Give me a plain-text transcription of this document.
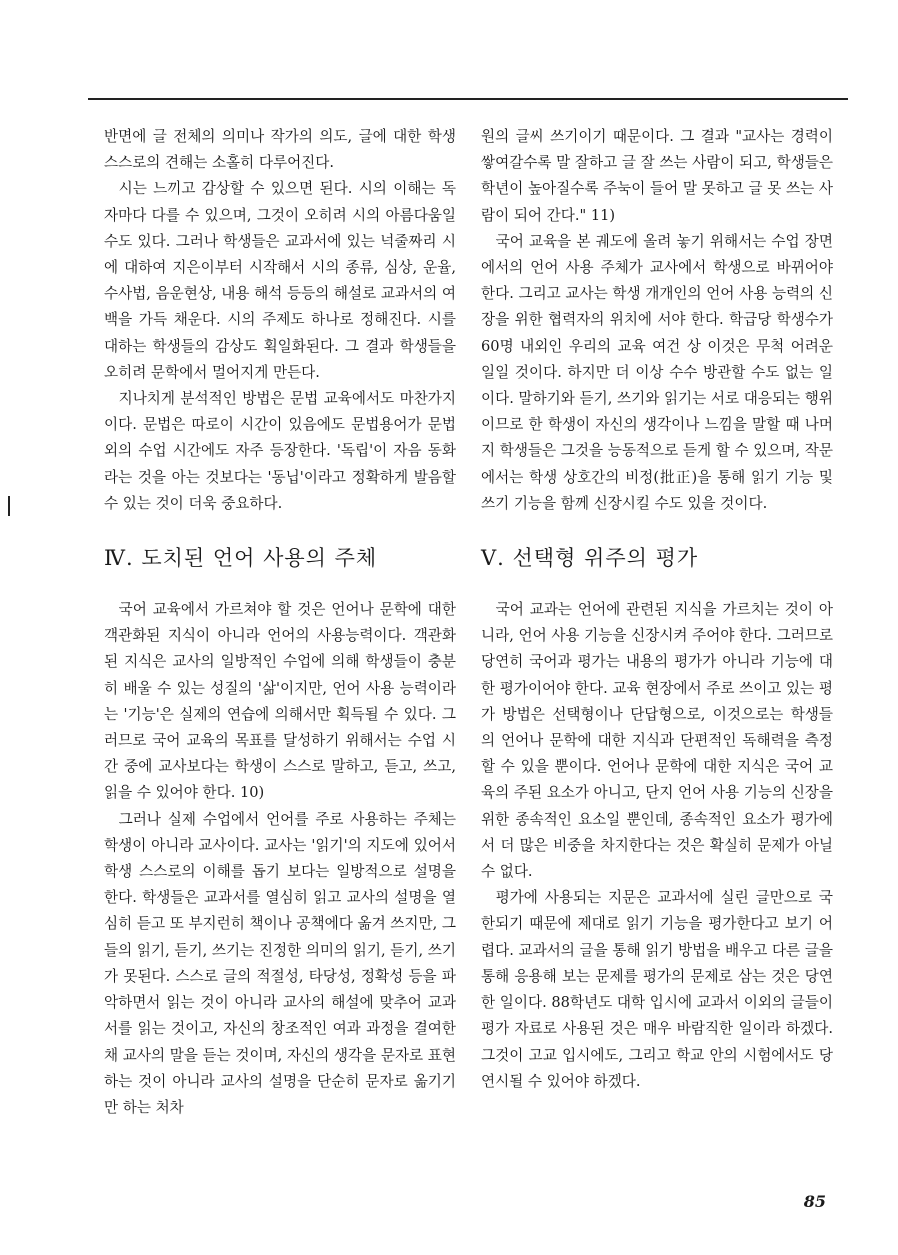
반면에 글 전체의 의미나 작가의 의도, 글에 대한 학생 스스로의 견해는 소홀히 다루어진다.

시는 느끼고 감상할 수 있으면 된다. 시의 이해는 독자마다 다를 수 있으며, 그것이 오히려 시의 아름다움일 수도 있다. 그러나 학생들은 교과서에 있는 넉줄짜리 시에 대하여 지은이부터 시작해서 시의 종류, 심상, 운율, 수사법, 음운현상, 내용 해석 등등의 해설로 교과서의 여백을 가득 채운다. 시의 주제도 하나로 정해진다. 시를 대하는 학생들의 감상도 획일화된다. 그 결과 학생들을 오히려 문학에서 멀어지게 만든다.

지나치게 분석적인 방법은 문법 교육에서도 마찬가지이다. 문법은 따로이 시간이 있음에도 문법용어가 문법 외의 수업 시간에도 자주 등장한다. '독립'이 자음 동화라는 것을 아는 것보다는 '동닙'이라고 정확하게 발음할 수 있는 것이 더욱 중요하다.

Ⅳ. 도치된 언어 사용의 주체

국어 교육에서 가르쳐야 할 것은 언어나 문학에 대한 객관화된 지식이 아니라 언어의 사용능력이다. 객관화된 지식은 교사의 일방적인 수업에 의해 학생들이 충분히 배울 수 있는 성질의 '삶'이지만, 언어 사용 능력이라는 '기능'은 실제의 연습에 의해서만 획득될 수 있다. 그러므로 국어 교육의 목표를 달성하기 위해서는 수업 시간 중에 교사보다는 학생이 스스로 말하고, 듣고, 쓰고, 읽을 수 있어야 한다. 10)

그러나 실제 수업에서 언어를 주로 사용하는 주체는 학생이 아니라 교사이다. 교사는 '읽기'의 지도에 있어서 학생 스스로의 이해를 돕기 보다는 일방적으로 설명을 한다. 학생들은 교과서를 열심히 읽고 교사의 설명을 열심히 듣고 또 부지런히 책이나 공책에다 옮겨 쓰지만, 그들의 읽기, 듣기, 쓰기는 진정한 의미의 읽기, 듣기, 쓰기가 못된다. 스스로 글의 적절성, 타당성, 정확성 등을 파악하면서 읽는 것이 아니라 교사의 해설에 맞추어 교과서를 읽는 것이고, 자신의 창조적인 여과 과정을 결여한 채 교사의 말을 듣는 것이며, 자신의 생각을 문자로 표현하는 것이 아니라 교사의 설명을 단순히 문자로 옮기기만 하는 처차

원의 글씨 쓰기이기 때문이다. 그 결과 "교사는 경력이 쌓여갈수록 말 잘하고 글 잘 쓰는 사람이 되고, 학생들은 학년이 높아질수록 주눅이 들어 말 못하고 글 못 쓰는 사람이 되어 간다." 11)

국어 교육을 본 궤도에 올려 놓기 위해서는 수업 장면에서의 언어 사용 주체가 교사에서 학생으로 바뀌어야 한다. 그리고 교사는 학생 개개인의 언어 사용 능력의 신장을 위한 협력자의 위치에 서야 한다. 학급당 학생수가 60명 내외인 우리의 교육 여건 상 이것은 무척 어려운 일일 것이다. 하지만 더 이상 수수 방관할 수도 없는 일이다. 말하기와 듣기, 쓰기와 읽기는 서로 대응되는 행위이므로 한 학생이 자신의 생각이나 느낌을 말할 때 나머지 학생들은 그것을 능동적으로 듣게 할 수 있으며, 작문에서는 학생 상호간의 비정(批正)을 통해 읽기 기능 및 쓰기 기능을 함께 신장시킬 수도 있을 것이다.

Ⅴ. 선택형 위주의 평가

국어 교과는 언어에 관련된 지식을 가르치는 것이 아니라, 언어 사용 기능을 신장시켜 주어야 한다. 그러므로 당연히 국어과 평가는 내용의 평가가 아니라 기능에 대한 평가이어야 한다. 교육 현장에서 주로 쓰이고 있는 평가 방법은 선택형이나 단답형으로, 이것으로는 학생들의 언어나 문학에 대한 지식과 단편적인 독해력을 측정할 수 있을 뿐이다. 언어나 문학에 대한 지식은 국어 교육의 주된 요소가 아니고, 단지 언어 사용 기능의 신장을 위한 종속적인 요소일 뿐인데, 종속적인 요소가 평가에서 더 많은 비중을 차지한다는 것은 확실히 문제가 아닐 수 없다.

평가에 사용되는 지문은 교과서에 실린 글만으로 국한되기 때문에 제대로 읽기 기능을 평가한다고 보기 어렵다. 교과서의 글을 통해 읽기 방법을 배우고 다른 글을 통해 응용해 보는 문제를 평가의 문제로 삼는 것은 당연한 일이다. 88학년도 대학 입시에 교과서 이외의 글들이 평가 자료로 사용된 것은 매우 바람직한 일이라 하겠다. 그것이 고교 입시에도, 그리고 학교 안의 시험에서도 당연시될 수 있어야 하겠다.

85
